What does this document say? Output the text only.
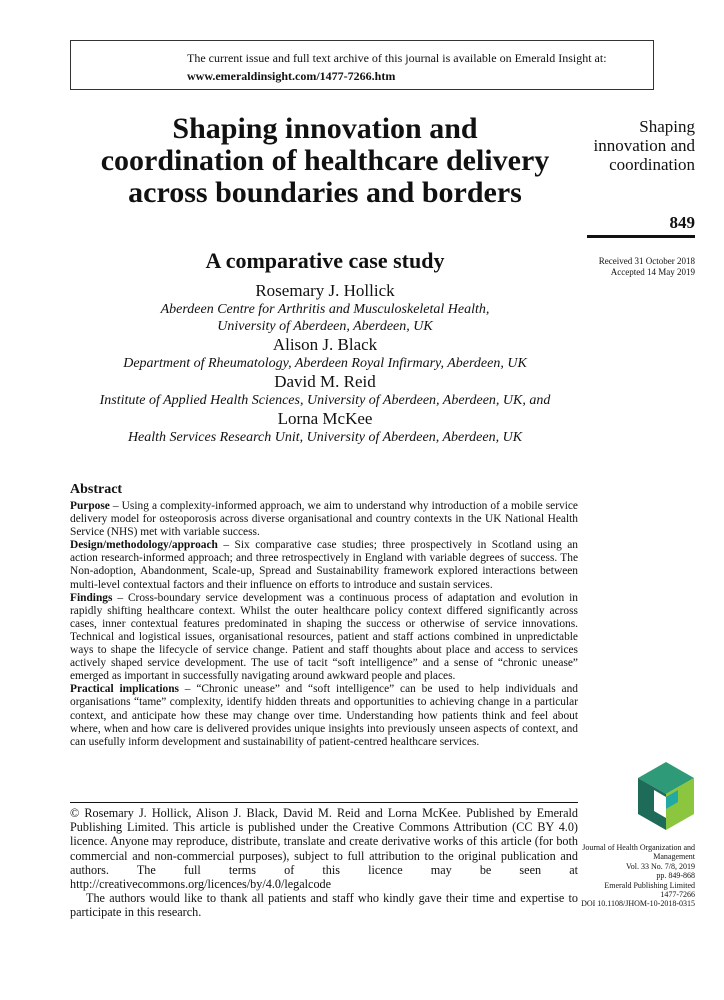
The current issue and full text archive of this journal is available on Emerald Insight at:
www.emeraldinsight.com/1477-7266.htm
Shaping innovation and coordination of healthcare delivery across boundaries and borders
A comparative case study
Rosemary J. Hollick
Aberdeen Centre for Arthritis and Musculoskeletal Health,
University of Aberdeen, Aberdeen, UK
Alison J. Black
Department of Rheumatology, Aberdeen Royal Infirmary, Aberdeen, UK
David M. Reid
Institute of Applied Health Sciences, University of Aberdeen, Aberdeen, UK, and
Lorna McKee
Health Services Research Unit, University of Aberdeen, Aberdeen, UK
Shaping
innovation and
coordination
849
Received 31 October 2018
Accepted 14 May 2019
Abstract

Purpose – Using a complexity-informed approach, we aim to understand why introduction of a mobile service delivery model for osteoporosis across diverse organisational and country contexts in the UK National Health Service (NHS) met with variable success.

Design/methodology/approach – Six comparative case studies; three prospectively in Scotland using an action research-informed approach; and three retrospectively in England with variable degrees of success. The Non-adoption, Abandonment, Scale-up, Spread and Sustainability framework explored interactions between multi-level contextual factors and their influence on efforts to introduce and sustain services.

Findings – Cross-boundary service development was a continuous process of adaptation and evolution in rapidly shifting healthcare context. Whilst the outer healthcare policy context differed significantly across cases, inner contextual features predominated in shaping the success or otherwise of service innovations. Technical and logistical issues, organisational resources, patient and staff actions combined in unpredictable ways to shape the lifecycle of service change. Patient and staff thoughts about place and access to services actively shaped service development. The use of tacit “soft intelligence” and a sense of “chronic unease” emerged as important in successfully navigating around awkward people and places.

Practical implications – “Chronic unease” and “soft intelligence” can be used to help individuals and organisations “tame” complexity, identify hidden threats and opportunities to achieving change in a particular context, and anticipate how these may change over time. Understanding how patients think and feel about where, when and how care is delivered provides unique insights into previously unseen aspects of context, and can usefully inform development and sustainability of patient-centred healthcare services.

© Rosemary J. Hollick, Alison J. Black, David M. Reid and Lorna McKee. Published by Emerald Publishing Limited. This article is published under the Creative Commons Attribution (CC BY 4.0) licence. Anyone may reproduce, distribute, translate and create derivative works of this article (for both commercial and non-commercial purposes), subject to full attribution to the original publication and authors. The full terms of this licence may be seen at http://creativecommons.org/licences/by/4.0/legalcode

The authors would like to thank all patients and staff who kindly gave their time and expertise to participate in this research.

Journal of Health Organization and
Management
Vol. 33 No. 7/8, 2019
pp. 849-868
Emerald Publishing Limited
1477-7266
DOI 10.1108/JHOM-10-2018-0315
